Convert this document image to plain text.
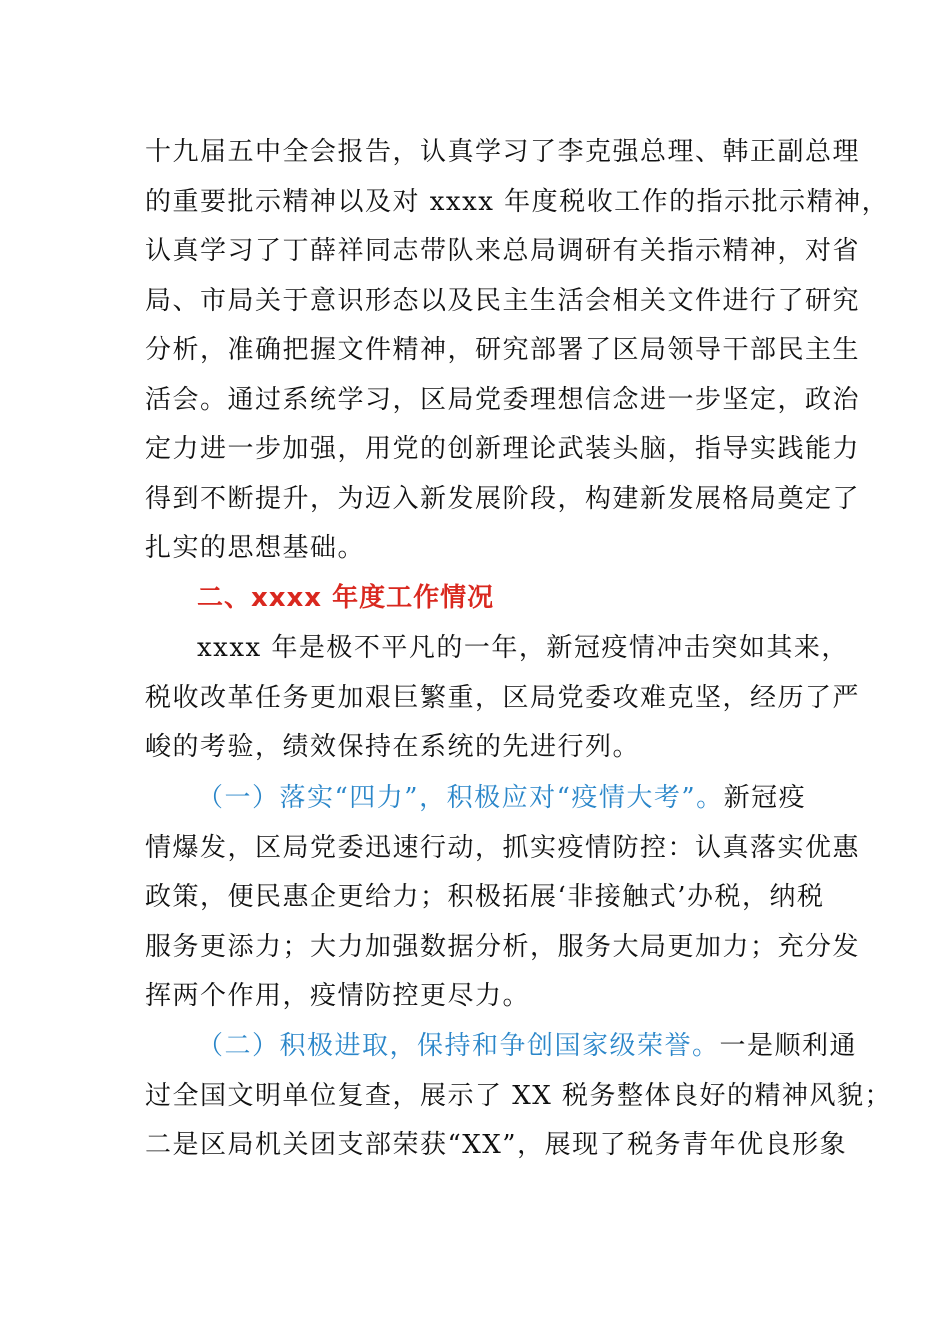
十九届五中全会报告，认真学习了李克强总理、韩正副总理
的重要批示精神以及对 xxxx 年度税收工作的指示批示精神，
认真学习了丁薛祥同志带队来总局调研有关指示精神，对省
局、市局关于意识形态以及民主生活会相关文件进行了研究
分析，准确把握文件精神，研究部署了区局领导干部民主生
活会。通过系统学习，区局党委理想信念进一步坚定，政治
定力进一步加强，用党的创新理论武装头脑，指导实践能力
得到不断提升，为迈入新发展阶段，构建新发展格局奠定了
扎实的思想基础。
二、xxxx 年度工作情况
xxxx 年是极不平凡的一年，新冠疫情冲击突如其来，
税收改革任务更加艰巨繁重，区局党委攻难克坚，经历了严
峻的考验，绩效保持在系统的先进行列。
（一）落实“四力”，积极应对“疫情大考”。新冠疫
情爆发，区局党委迅速行动，抓实疫情防控：认真落实优惠
政策，便民惠企更给力；积极拓展‘非接触式’办税，纳税
服务更添力；大力加强数据分析，服务大局更加力；充分发
挥两个作用，疫情防控更尽力。
（二）积极进取，保持和争创国家级荣誉。一是顺利通
过全国文明单位复查，展示了 XX 税务整体良好的精神风貌；
二是区局机关团支部荣获“XX”，展现了税务青年优良形象
